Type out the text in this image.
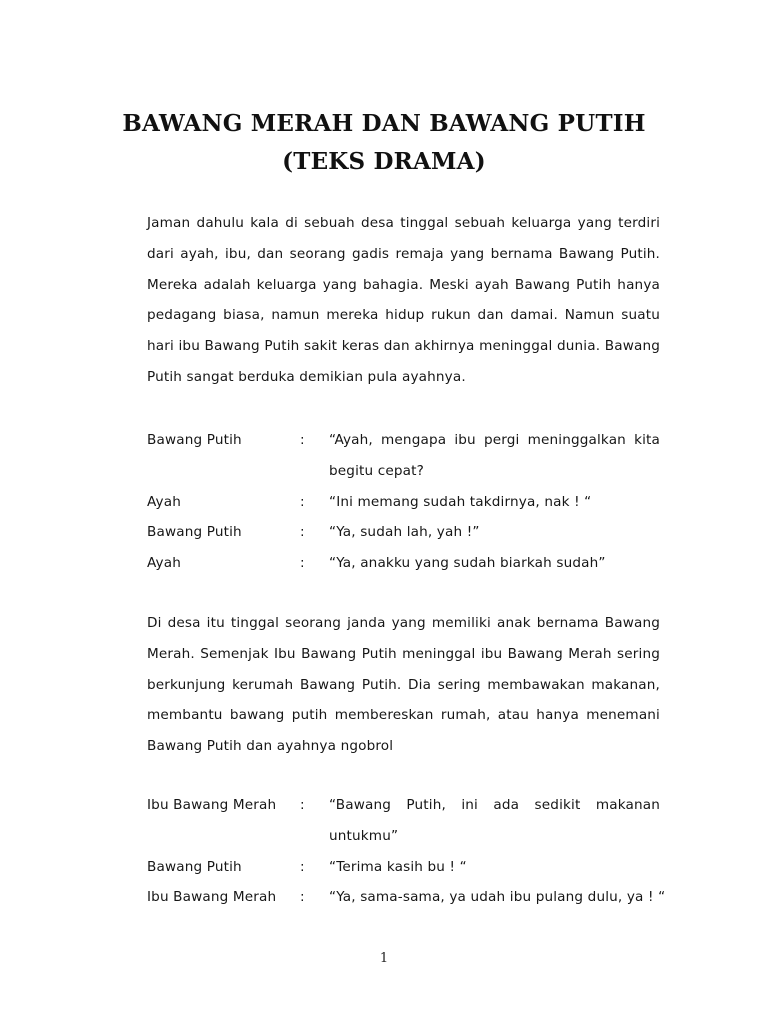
BAWANG MERAH DAN BAWANG PUTIH
(TEKS DRAMA)
Jaman dahulu kala di sebuah desa tinggal sebuah keluarga yang terdiri
dari ayah, ibu, dan seorang gadis remaja yang bernama Bawang Putih.
Mereka adalah keluarga yang bahagia. Meski ayah Bawang Putih hanya
pedagang biasa, namun mereka hidup rukun dan damai. Namun suatu
hari ibu Bawang Putih sakit keras dan akhirnya meninggal dunia. Bawang
Putih sangat berduka demikian pula ayahnya.
Bawang Putih	:	“Ayah, mengapa ibu pergi meninggalkan kita
begitu cepat?
Ayah	:	“Ini memang sudah takdirnya, nak ! “
Bawang Putih	:	“Ya, sudah lah, yah !”
Ayah	:	“Ya, anakku yang sudah biarkah sudah”
Di desa itu tinggal seorang janda yang memiliki anak bernama Bawang
Merah. Semenjak Ibu Bawang Putih meninggal ibu Bawang Merah sering
berkunjung kerumah Bawang Putih. Dia sering membawakan makanan,
membantu bawang putih membereskan rumah, atau hanya menemani
Bawang Putih dan ayahnya ngobrol
Ibu Bawang Merah	:	“Bawang Putih, ini ada sedikit makanan
untukmu”
Bawang Putih	:	“Terima kasih bu ! “
Ibu Bawang Merah	:	“Ya, sama-sama, ya udah ibu pulang dulu, ya ! “
1
